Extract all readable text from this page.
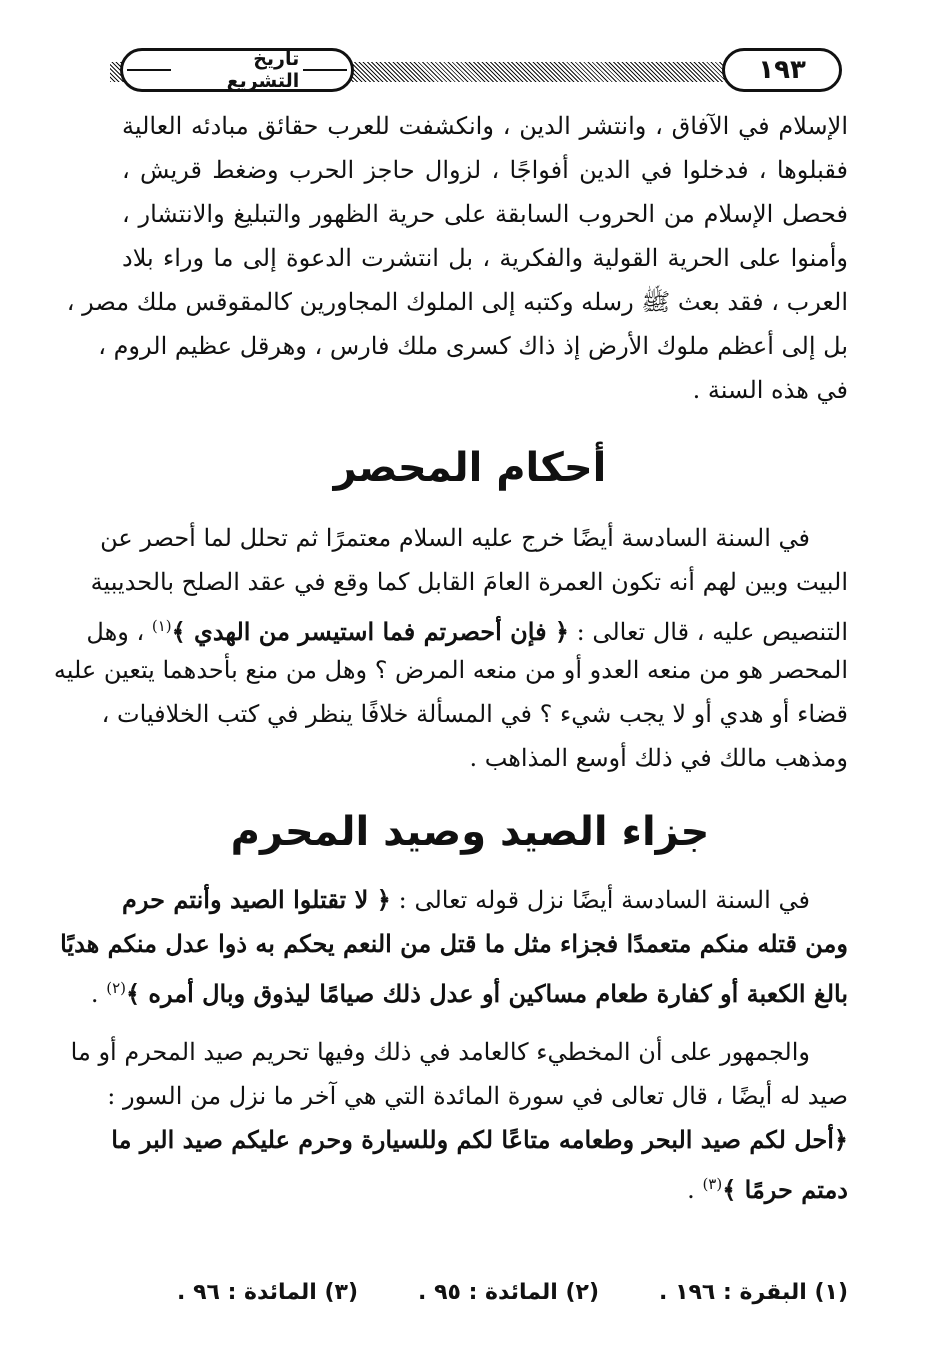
تاريخ التشريع	١٩٣
الإسلام في الآفاق ، وانتشر الدين ، وانكشفت للعرب حقائق مبادئه العالية
فقبلوها ، فدخلوا في الدين أفواجًا ، لزوال حاجز الحرب وضغط قريش ،
فحصل الإسلام من الحروب السابقة على حرية الظهور والتبليغ والانتشار ،
وأمنوا على الحرية القولية والفكرية ، بل انتشرت الدعوة إلى ما وراء بلاد
العرب ، فقد بعث ﷺ رسله وكتبه إلى الملوك المجاورين كالمقوقس ملك مصر ،
بل إلى أعظم ملوك الأرض إذ ذاك كسرى ملك فارس ، وهرقل عظيم الروم ،
في هذه السنة .
أحكام المحصر
في السنة السادسة أيضًا خرج عليه السلام معتمرًا ثم تحلل لما أحصر عن
البيت وبين لهم أنه تكون العمرة العامَ القابل كما وقع في عقد الصلح بالحديبية
التنصيص عليه ، قال تعالى : ﴿ فإن أحصرتم فما استيسر من الهدي ﴾$^{(١)}$ ، وهل
المحصر هو من منعه العدو أو من منعه المرض ؟ وهل من منع بأحدهما يتعين عليه
قضاء أو هدي أو لا يجب شيء ؟ في المسألة خلافًا ينظر في كتب الخلافيات ،
ومذهب مالك في ذلك أوسع المذاهب .
جزاء الصيد وصيد المحرم
في السنة السادسة أيضًا نزل قوله تعالى : ﴿ لا تقتلوا الصيد وأنتم حرم
ومن قتله منكم متعمدًا فجزاء مثل ما قتل من النعم يحكم به ذوا عدل منكم هديًا
بالغ الكعبة أو كفارة طعام مساكين أو عدل ذلك صيامًا ليذوق وبال أمره ﴾$^{(٢)}$ .
والجمهور على أن المخطيء كالعامد في ذلك وفيها تحريم صيد المحرم أو ما
صيد له أيضًا ، قال تعالى في سورة المائدة التي هي آخر ما نزل من السور :
﴿أحل لكم صيد البحر وطعامه متاعًا لكم وللسيارة وحرم عليكم صيد البر ما
دمتم حرمًا ﴾$^{(٣)}$ .
(١) البقرة : ١٩٦ .
(٢) المائدة : ٩٥ .
(٣) المائدة : ٩٦ .
